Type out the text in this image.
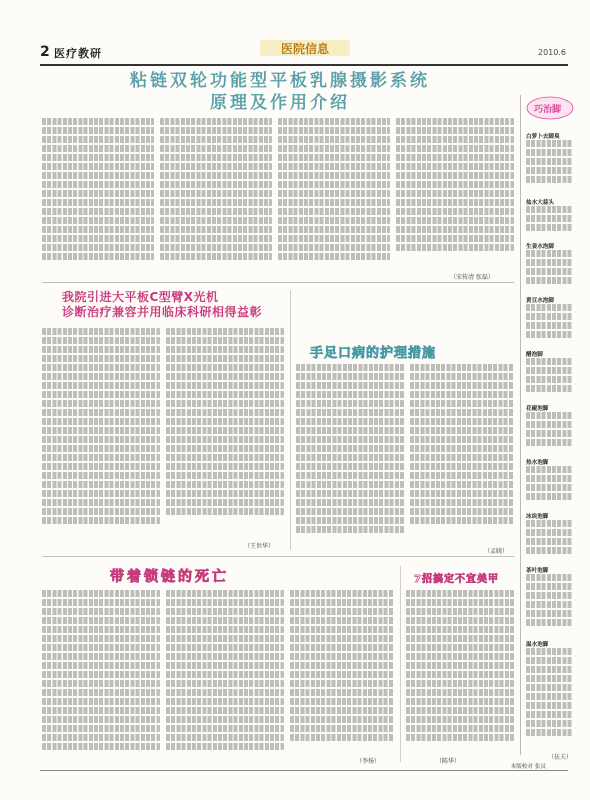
2 医疗教研	医院信息	2010.6
粘链双轮功能型平板乳腺摄影系统
原理及作用介绍
（宋传清 张磊）
我院引进大平板C型臂X光机
诊断治疗兼容并用临床科研相得益彰
（王世华）
手足口病的护理措施
（孟晓）
带着锁链的死亡
（李扬）
7招搞定不宜美甲
（陈华）
巧治脚
白萝卜去脚臭
盐水大蒜头
生姜水泡脚
黄豆水泡脚
醋泡脚
花椒泡脚
热水泡脚
冰块泡脚
茶叶泡脚
温水泡脚
（伍夫）
本版校对 张员
